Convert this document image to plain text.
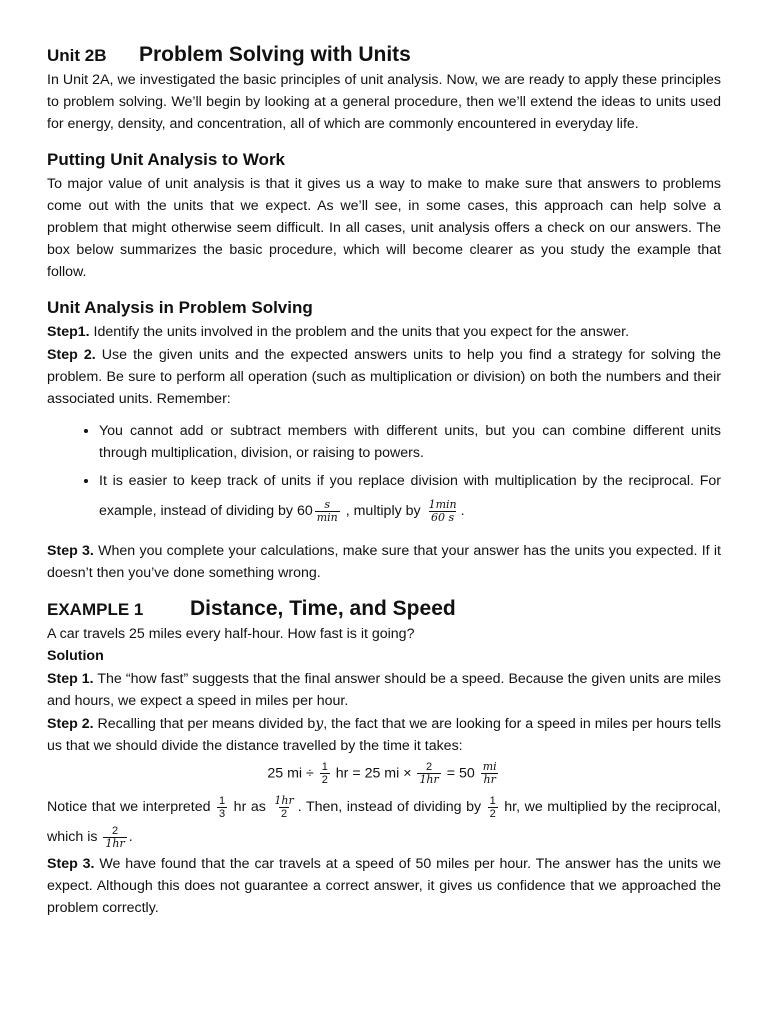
Unit 2B	Problem Solving with Units

In Unit 2A, we investigated the basic principles of unit analysis. Now, we are ready to apply these principles to problem solving. We’ll begin by looking at a general procedure, then we’ll extend the ideas to units used for energy, density, and concentration, all of which are commonly encountered in everyday life.

Putting Unit Analysis to Work

To major value of unit analysis is that it gives us a way to make to make sure that answers to problems come out with the units that we expect. As we’ll see, in some cases, this approach can help solve a problem that might otherwise seem difficult. In all cases, unit analysis offers a check on our answers. The box below summarizes the basic procedure, which will become clearer as you study the example that follow.

Unit Analysis in Problem Solving

Step1. Identify the units involved in the problem and the units that you expect for the answer.

Step 2. Use the given units and the expected answers units to help you find a strategy for solving the problem. Be sure to perform all operation (such as multiplication or division) on both the numbers and their associated units. Remember:

• You cannot add or subtract members with different units, but you can combine different units through multiplication, division, or raising to powers.
• It is easier to keep track of units if you replace division with multiplication by the reciprocal. For example, instead of dividing by $60 \frac{s}{\min}$ , multiply by $\frac{1\min}{60 s}$ .

Step 3. When you complete your calculations, make sure that your answer has the units you expected. If it doesn’t then you’ve done something wrong.

EXAMPLE 1	Distance, Time, and Speed

A car travels 25 miles every half-hour. How fast is it going?

Solution

Step 1. The “how fast” suggests that the final answer should be a speed. Because the given units are miles and hours, we expect a speed in miles per hour.

Step 2. Recalling that per means divided by, the fact that we are looking for a speed in miles per hours tells us that we should divide the distance travelled by the time it takes:

25 mi ÷ $\frac{1}{2}$ hr = 25 mi × $\frac{2}{1hr} = 50 \frac{mi}{hr}$

Notice that we interpreted $\frac{1}{3}$ hr as $\frac{1hr}{2}$ . Then, instead of dividing by $\frac{1}{2}$ hr, we multiplied by the reciprocal, which is $\frac{2}{1hr}$ .

Step 3. We have found that the car travels at a speed of 50 miles per hour. The answer has the units we expect. Although this does not guarantee a correct answer, it gives us confidence that we approached the problem correctly.
